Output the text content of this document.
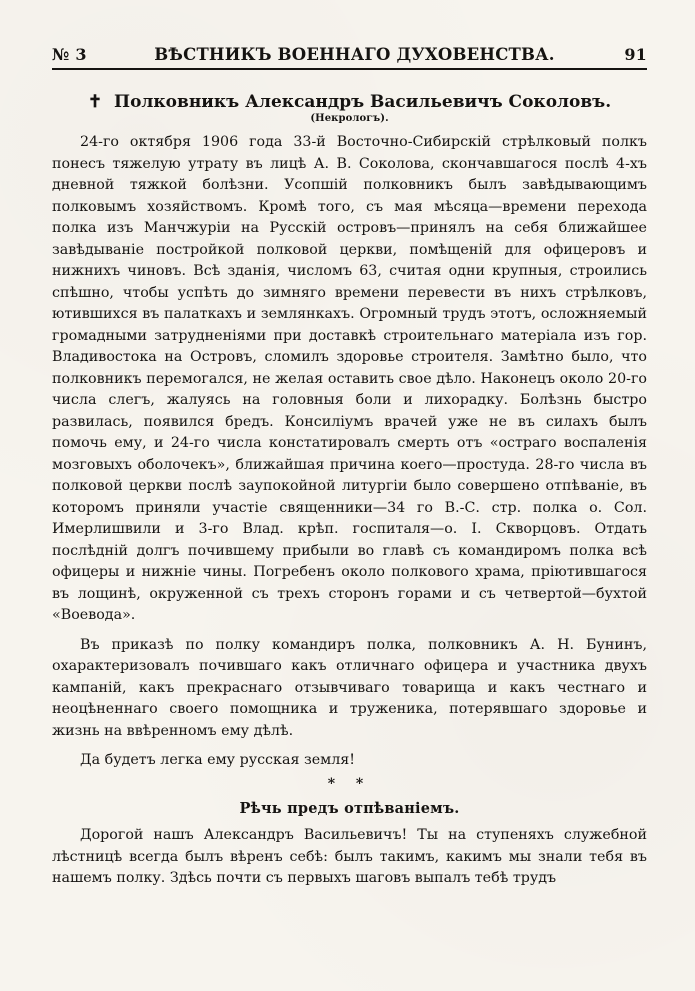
№ 3	ВѢСТНИКЪ ВОЕННАГО ДУХОВЕНСТВА.	91
✝ Полковникъ Александръ Васильевичъ Соколовъ.
(Некрологъ).

24-го октября 1906 года 33-й Восточно-Сибирскій стрѣлковый полкъ понесъ тяжелую утрату въ лицѣ А. В. Соколова, скончавшагося послѣ 4-хъ дневной тяжкой болѣзни. Усопшій полковникъ былъ завѣдывающимъ полковымъ хозяйствомъ. Кромѣ того, съ мая мѣсяца—времени перехода полка изъ Манчжуріи на Русскій островъ—принялъ на себя ближайшее завѣдываніе постройкой полковой церкви, помѣщеній для офицеровъ и нижнихъ чиновъ. Всѣ зданія, числомъ 63, считая одни крупныя, строились спѣшно, чтобы успѣть до зимняго времени перевести въ нихъ стрѣлковъ, ютившихся въ палаткахъ и землянкахъ. Огромный трудъ этотъ, осложняемый громадными затрудненіями при доставкѣ строительнаго матеріала изъ гор. Владивостока на Островъ, сломилъ здоровье строителя. Замѣтно было, что полковникъ перемогался, не желая оставить свое дѣло. Наконецъ около 20-го числа слегъ, жалуясь на головныя боли и лихорадку. Болѣзнь быстро развилась, появился бредъ. Консиліумъ врачей уже не въ силахъ былъ помочь ему, и 24-го числа констатировалъ смерть отъ «остраго воспаленія мозговыхъ оболочекъ», ближайшая причина коего—простуда. 28-го числа въ полковой церкви послѣ заупокойной литургіи было совершено отпѣваніе, въ которомъ приняли участіе священники—34 го В.-С. стр. полка о. Сол. Имерлишвили и 3-го Влад. крѣп. госпиталя—о. I. Скворцовъ. Отдать послѣдній долгъ почившему прибыли во главѣ съ командиромъ полка всѣ офицеры и нижніе чины. Погребенъ около полкового храма, пріютившагося въ лощинѣ, окруженной съ трехъ сторонъ горами и съ четвертой—бухтой «Воевода».

Въ приказѣ по полку командиръ полка, полковникъ А. Н. Бунинъ, охарактеризовалъ почившаго какъ отличнаго офицера и участника двухъ кампаній, какъ прекраснаго отзывчиваго товарища и какъ честнаго и неоцѣненнаго своего помощника и труженика, потерявшаго здоровье и жизнь на ввѣренномъ ему дѣлѣ.

Да будетъ легка ему русская земля!

* *
Рѣчь предъ отпѣваніемъ.

Дорогой нашъ Александръ Васильевичъ! Ты на ступеняхъ служебной лѣстницѣ всегда былъ вѣренъ себѣ: былъ такимъ, какимъ мы знали тебя въ нашемъ полку. Здѣсь почти съ первыхъ шаговъ выпалъ тебѣ трудъ
